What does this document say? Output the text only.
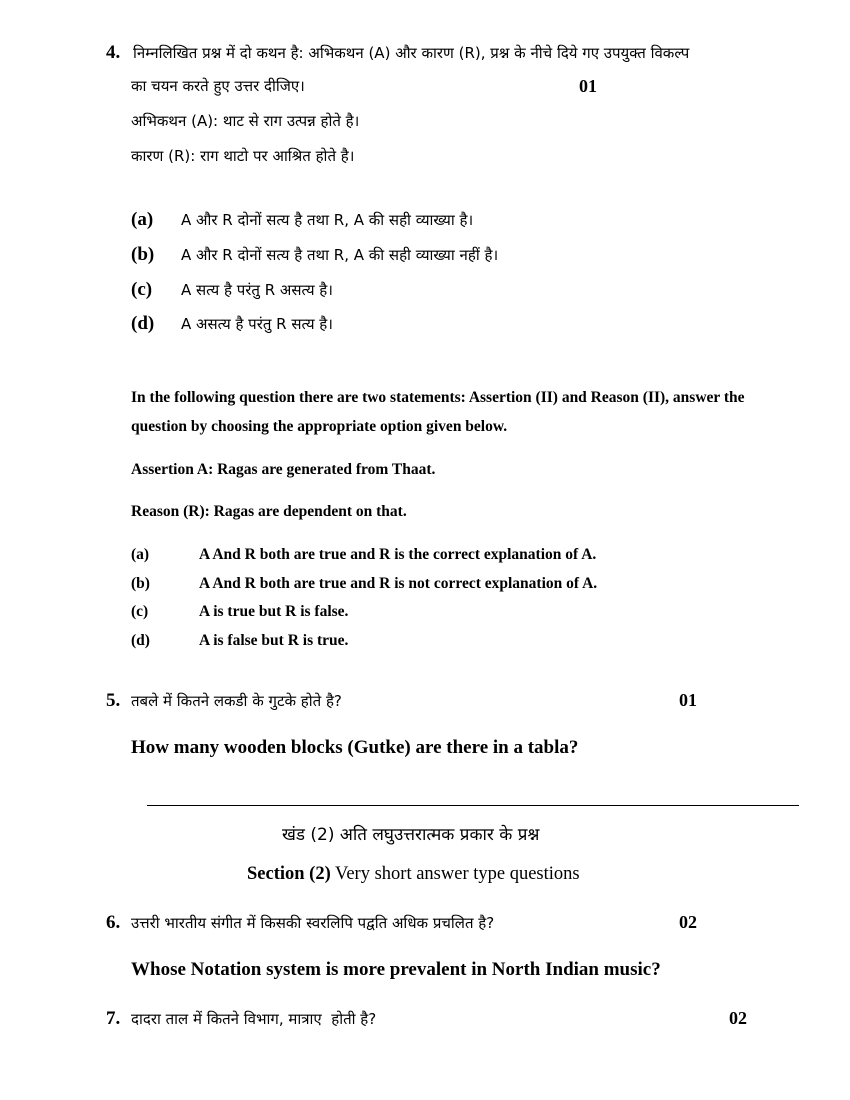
4. निम्नलिखित प्रश्न में दो कथन है: अभिकथन (A) और कारण (R), प्रश्न के नीचे दिये गए उपयुक्त विकल्प
का चयन करते हुए उत्तर दीजिए।	01
अभिकथन (A): थाट से राग उत्पन्न होते है।
कारण (R): राग थाटो पर आश्रित होते है।
(a) A और R दोनों सत्य है तथा R, A की सही व्याख्या है।
(b) A और R दोनों सत्य है तथा R, A की सही व्याख्या नहीं है।
(c) A सत्य है परंतु R असत्य है।
(d) A असत्य है परंतु R सत्य है।
In the following question there are two statements: Assertion (II) and Reason (II), answer the
question by choosing the appropriate option given below.
Assertion A: Ragas are generated from Thaat.
Reason (R): Ragas are dependent on that.
(a)	A And R both are true and R is the correct explanation of A.
(b)	A And R both are true and R is not correct explanation of A.
(c)	A is true but R is false.
(d)	A is false but R is true.
5. तबले में कितने लकडी के गुटके होते है?	01
How many wooden blocks (Gutke) are there in a tabla?
खंड (2) अति लघुउत्तरात्मक प्रकार के प्रश्न
Section (2) Very short answer type questions
6. उत्तरी भारतीय संगीत में किसकी स्वरलिपि पद्वति अधिक प्रचलित है?	02
Whose Notation system is more prevalent in North Indian music?
7. दादरा ताल में कितने विभाग, मात्राए  होती है?	02
